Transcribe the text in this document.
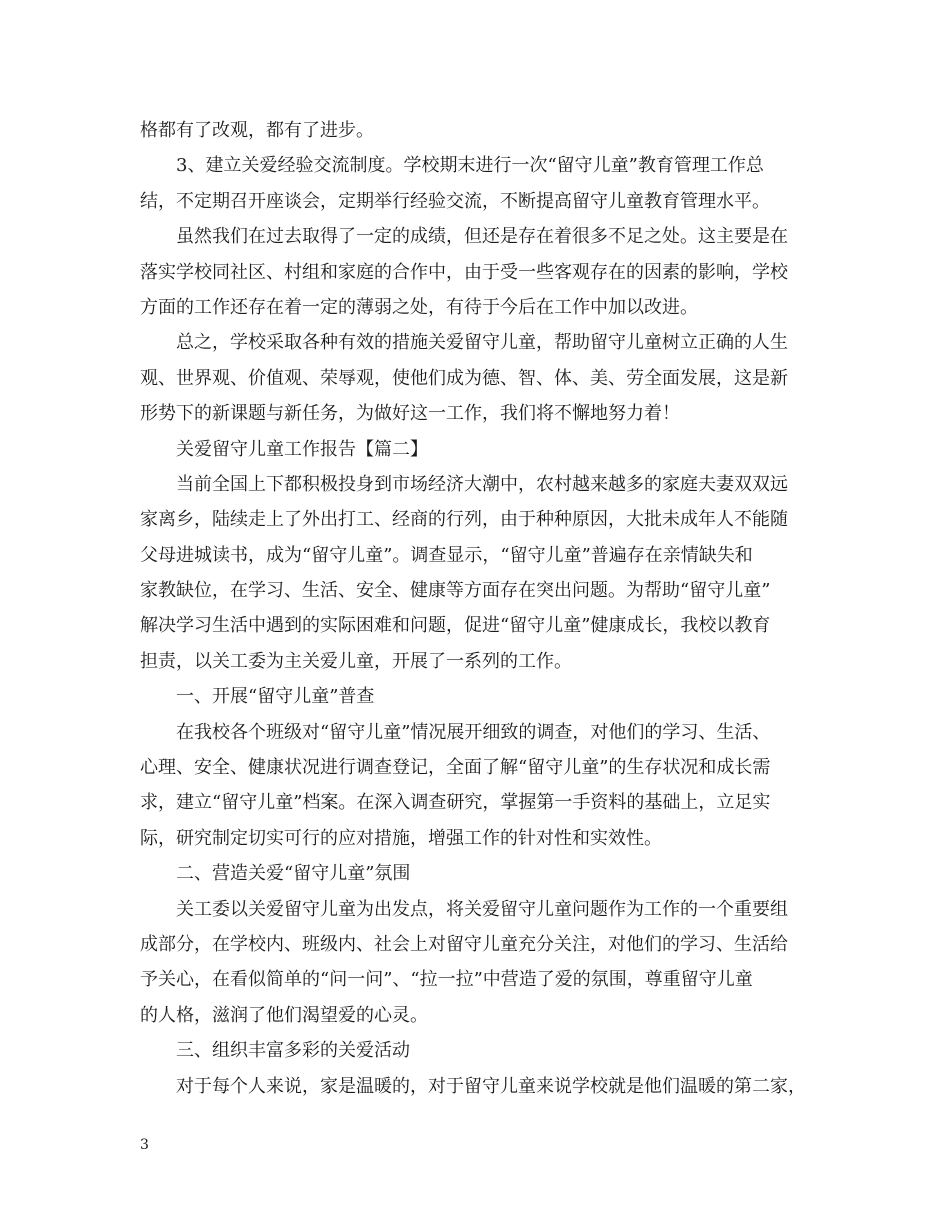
格都有了改观，都有了进步。
3、建立关爱经验交流制度。学校期末进行一次“留守儿童”教育管理工作总
结，不定期召开座谈会，定期举行经验交流，不断提高留守儿童教育管理水平。
虽然我们在过去取得了一定的成绩，但还是存在着很多不足之处。这主要是在
落实学校同社区、村组和家庭的合作中，由于受一些客观存在的因素的影响，学校
方面的工作还存在着一定的薄弱之处，有待于今后在工作中加以改进。
总之，学校采取各种有效的措施关爱留守儿童，帮助留守儿童树立正确的人生
观、世界观、价值观、荣辱观，使他们成为德、智、体、美、劳全面发展，这是新
形势下的新课题与新任务，为做好这一工作，我们将不懈地努力着！
关爱留守儿童工作报告【篇二】
当前全国上下都积极投身到市场经济大潮中，农村越来越多的家庭夫妻双双远
家离乡，陆续走上了外出打工、经商的行列，由于种种原因，大批未成年人不能随
父母进城读书，成为“留守儿童”。调查显示，“留守儿童”普遍存在亲情缺失和
家教缺位，在学习、生活、安全、健康等方面存在突出问题。为帮助“留守儿童”
解决学习生活中遇到的实际困难和问题，促进“留守儿童”健康成长，我校以教育
担责，以关工委为主关爱儿童，开展了一系列的工作。
一、开展“留守儿童”普查
在我校各个班级对“留守儿童”情况展开细致的调查，对他们的学习、生活、
心理、安全、健康状况进行调查登记，全面了解“留守儿童”的生存状况和成长需
求，建立“留守儿童”档案。在深入调查研究，掌握第一手资料的基础上，立足实
际，研究制定切实可行的应对措施，增强工作的针对性和实效性。
二、营造关爱“留守儿童”氛围
关工委以关爱留守儿童为出发点，将关爱留守儿童问题作为工作的一个重要组
成部分，在学校内、班级内、社会上对留守儿童充分关注，对他们的学习、生活给
予关心，在看似简单的“问一问”、“拉一拉”中营造了爱的氛围，尊重留守儿童
的人格，滋润了他们渴望爱的心灵。
三、组织丰富多彩的关爱活动
对于每个人来说，家是温暖的，对于留守儿童来说学校就是他们温暖的第二家，
3
